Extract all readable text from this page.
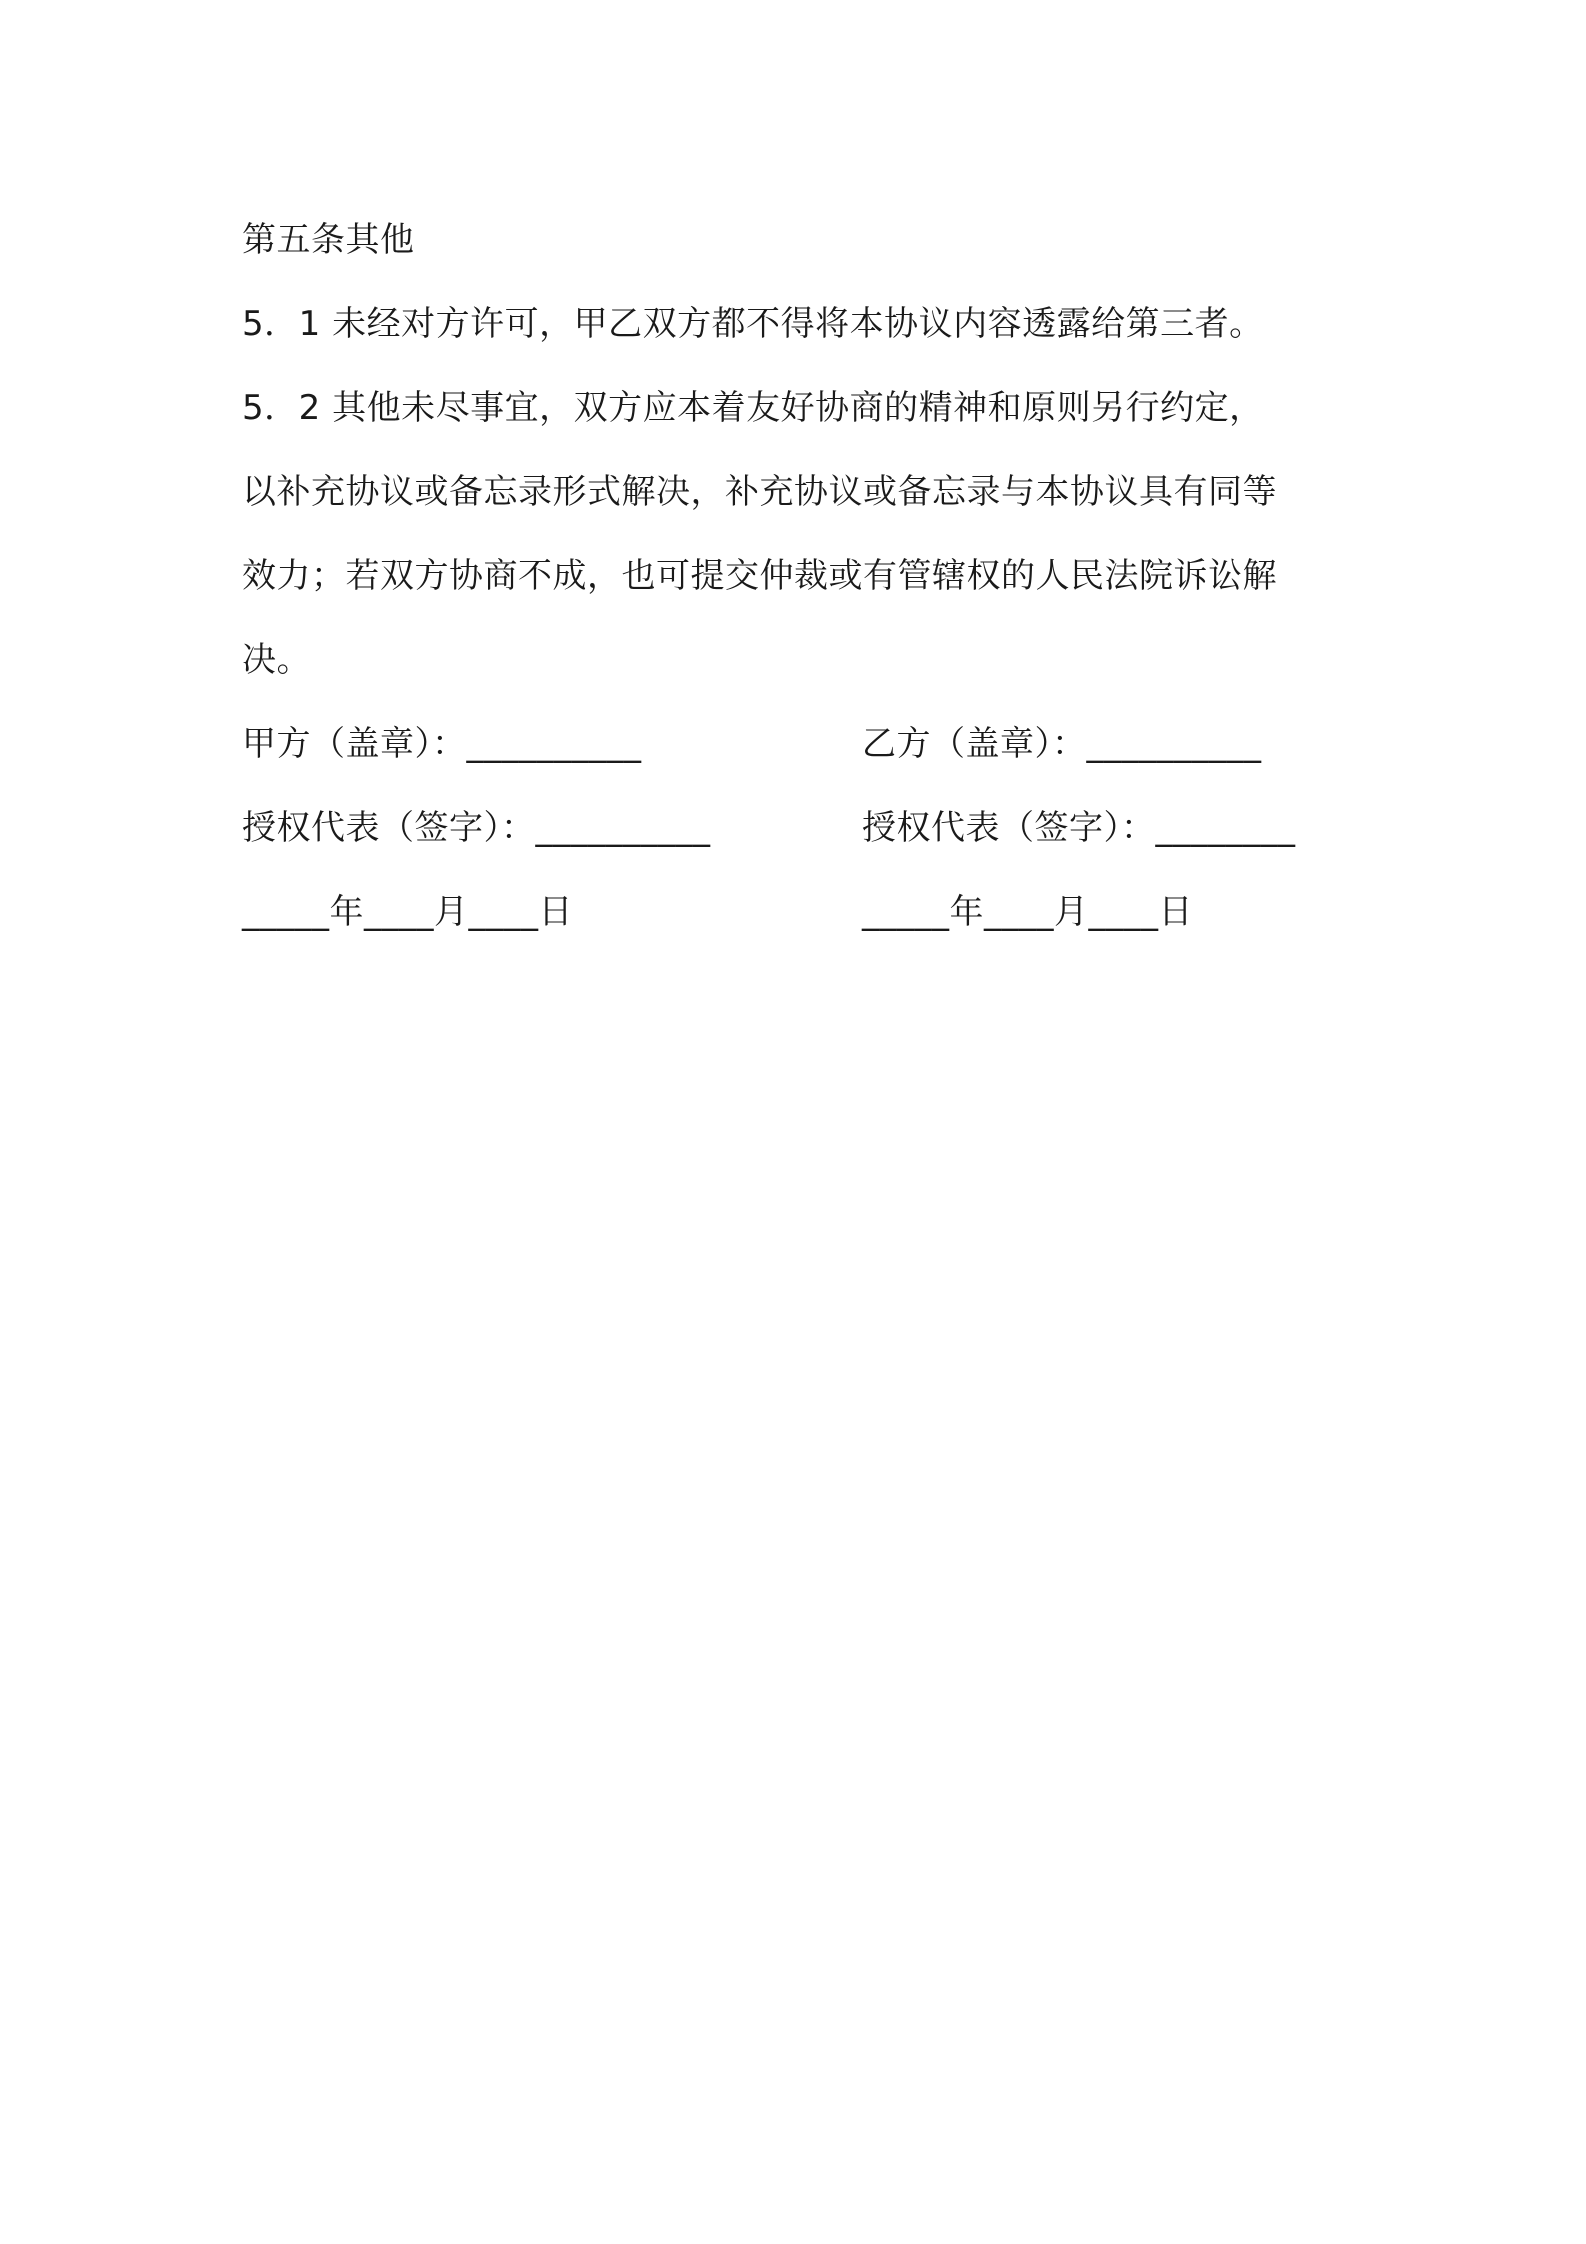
第五条其他
5．1 未经对方许可，甲乙双方都不得将本协议内容透露给第三者。
5．2 其他未尽事宜，双方应本着友好协商的精神和原则另行约定，
以补充协议或备忘录形式解决，补充协议或备忘录与本协议具有同等
效力；若双方协商不成，也可提交仲裁或有管辖权的人民法院诉讼解
决。
甲方（盖章）：__________	乙方（盖章）：__________
授权代表（签字）：__________	授权代表（签字）：________
_____年____月____日	_____年____月____日
